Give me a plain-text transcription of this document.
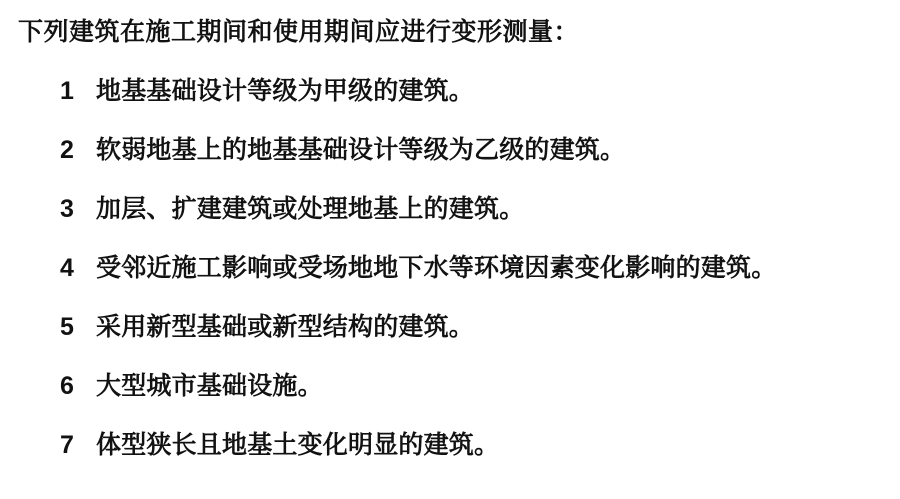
下列建筑在施工期间和使用期间应进行变形测量：
1 地基基础设计等级为甲级的建筑。
2 软弱地基上的地基基础设计等级为乙级的建筑。
3 加层、扩建建筑或处理地基上的建筑。
4 受邻近施工影响或受场地地下水等环境因素变化影响的建筑。
5 采用新型基础或新型结构的建筑。
6 大型城市基础设施。
7 体型狭长且地基土变化明显的建筑。
